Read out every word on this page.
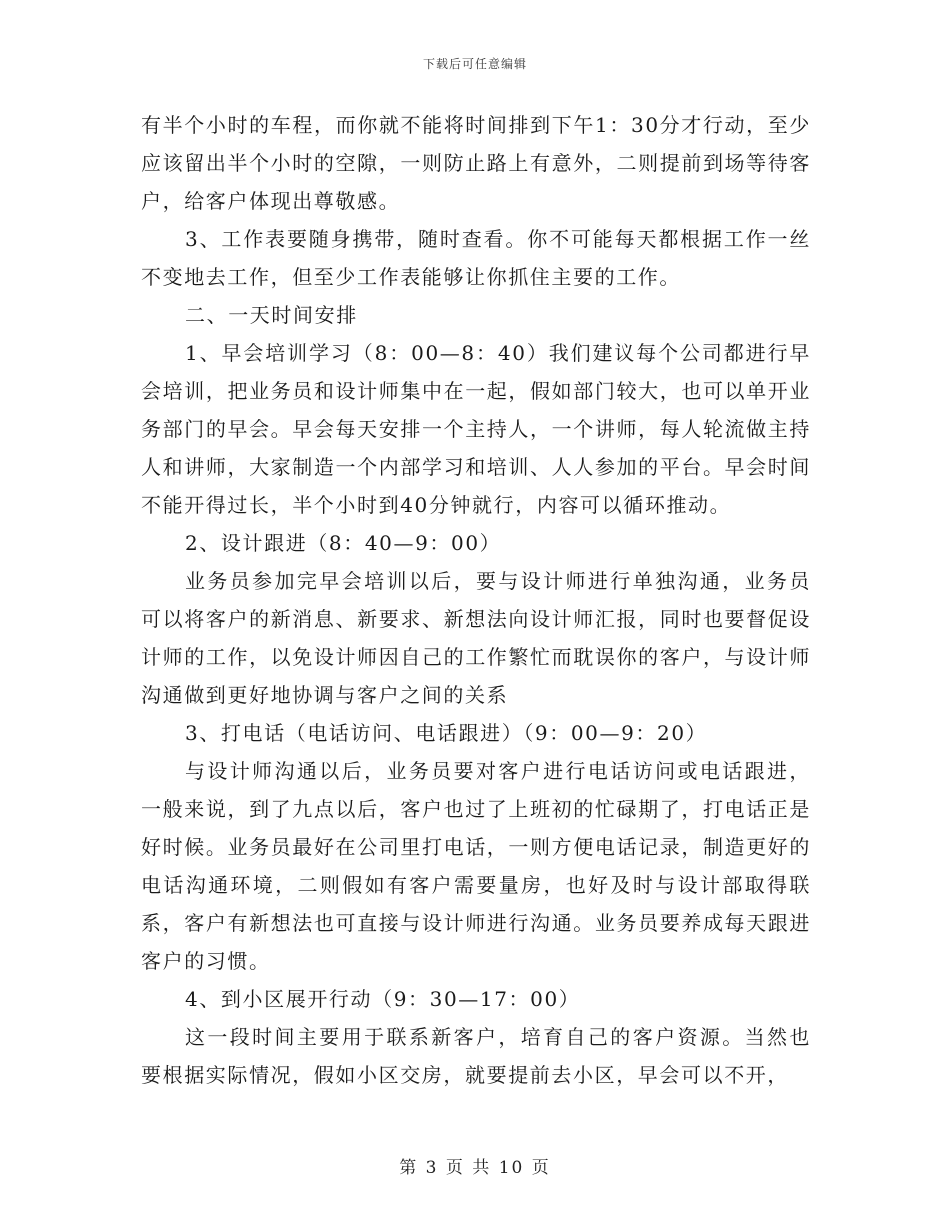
下载后可任意编辑

有半个小时的车程，而你就不能将时间排到下午1：30分才行动，至少应该留出半个小时的空隙，一则防止路上有意外，二则提前到场等待客户，给客户体现出尊敬感。

3、工作表要随身携带，随时查看。你不可能每天都根据工作一丝不变地去工作，但至少工作表能够让你抓住主要的工作。

二、一天时间安排

1、早会培训学习（8：00—8：40）我们建议每个公司都进行早会培训，把业务员和设计师集中在一起，假如部门较大，也可以单开业务部门的早会。早会每天安排一个主持人，一个讲师，每人轮流做主持人和讲师，大家制造一个内部学习和培训、人人参加的平台。早会时间不能开得过长，半个小时到40分钟就行，内容可以循环推动。

2、设计跟进（8：40—9：00）

业务员参加完早会培训以后，要与设计师进行单独沟通，业务员可以将客户的新消息、新要求、新想法向设计师汇报，同时也要督促设计师的工作，以免设计师因自己的工作繁忙而耽误你的客户，与设计师沟通做到更好地协调与客户之间的关系

3、打电话（电话访问、电话跟进）（9：00—9：20）

与设计师沟通以后，业务员要对客户进行电话访问或电话跟进，一般来说，到了九点以后，客户也过了上班初的忙碌期了，打电话正是好时候。业务员最好在公司里打电话，一则方便电话记录，制造更好的电话沟通环境，二则假如有客户需要量房，也好及时与设计部取得联系，客户有新想法也可直接与设计师进行沟通。业务员要养成每天跟进客户的习惯。

4、到小区展开行动（9：30—17：00）

这一段时间主要用于联系新客户，培育自己的客户资源。当然也要根据实际情况，假如小区交房，就要提前去小区，早会可以不开，

第 3 页 共 10 页
